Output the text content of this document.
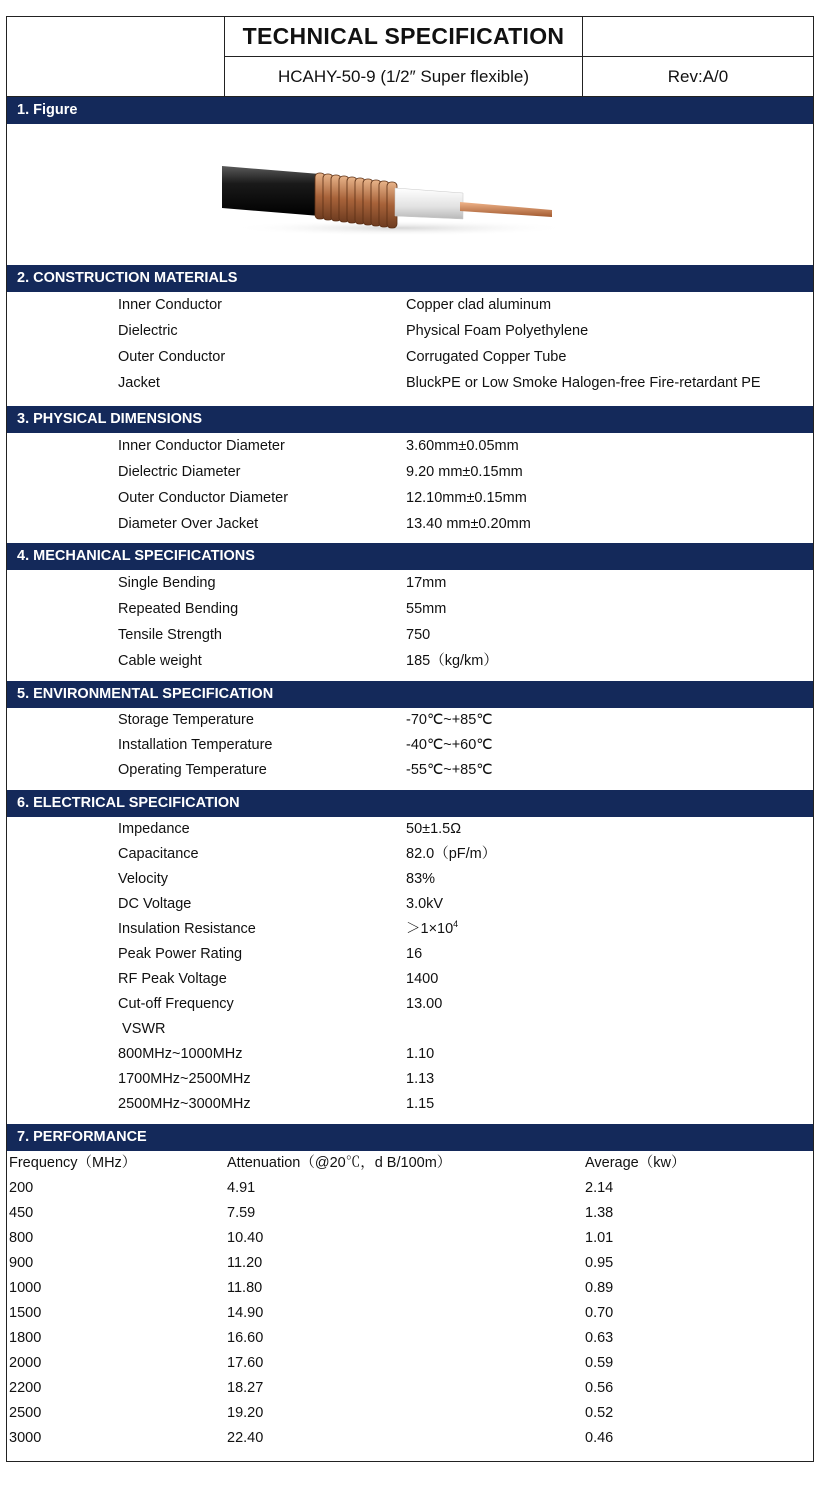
TECHNICAL SPECIFICATION
HCAHY-50-9 (1/2″ Super flexible)	Rev:A/0
1. Figure
2. CONSTRUCTION MATERIALS
Inner Conductor	Copper clad aluminum
Dielectric	Physical Foam Polyethylene
Outer Conductor	Corrugated Copper Tube
Jacket	BluckPE or Low Smoke Halogen-free Fire-retardant PE
3. PHYSICAL DIMENSIONS
Inner Conductor Diameter	3.60mm±0.05mm
Dielectric Diameter	9.20 mm±0.15mm
Outer Conductor Diameter	12.10mm±0.15mm
Diameter Over Jacket	13.40 mm±0.20mm
4. MECHANICAL SPECIFICATIONS
Single Bending	17mm
Repeated Bending	55mm
Tensile Strength	750
Cable weight	185（kg/km）
5. ENVIRONMENTAL SPECIFICATION
Storage Temperature	-70℃~+85℃
Installation Temperature	-40℃~+60℃
Operating Temperature	-55℃~+85℃
6. ELECTRICAL SPECIFICATION
Impedance	50±1.5Ω
Capacitance	82.0（pF/m）
Velocity	83%
DC Voltage	3.0kV
Insulation Resistance	$>1\times 10^4$
Peak Power Rating	16
RF Peak Voltage	1400
Cut-off Frequency	13.00
VSWR
800MHz~1000MHz	1.10
1700MHz~2500MHz	1.13
2500MHz~3000MHz	1.15
7. PERFORMANCE
Frequency（MHz）	Attenuation（@20℃，d B/100m）	Average（kw）
200	4.91	2.14
450	7.59	1.38
800	10.40	1.01
900	11.20	0.95
1000	11.80	0.89
1500	14.90	0.70
1800	16.60	0.63
2000	17.60	0.59
2200	18.27	0.56
2500	19.20	0.52
3000	22.40	0.46
